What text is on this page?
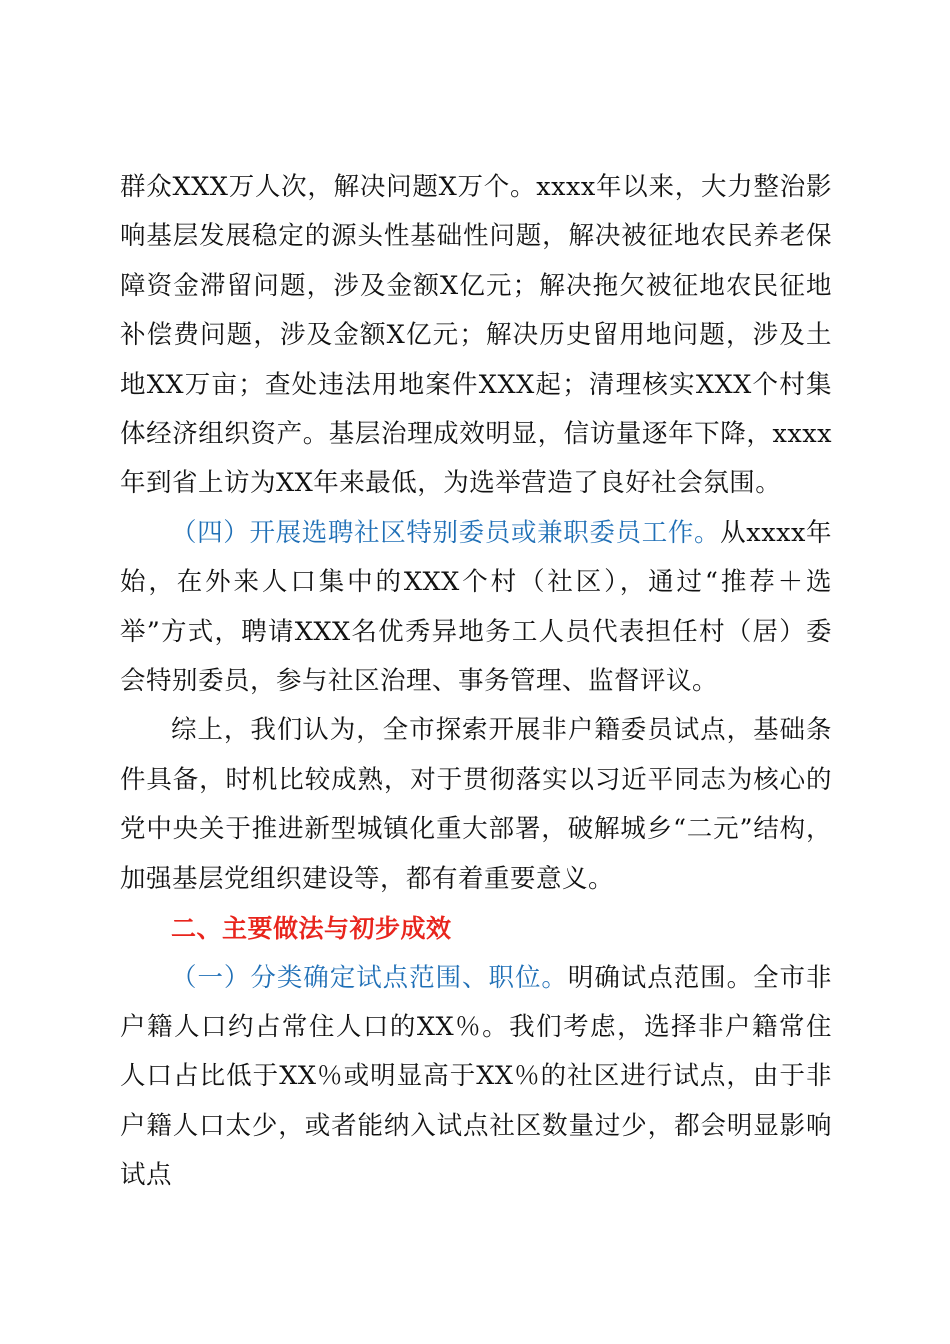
群众XXX万人次，解决问题X万个。xxxx年以来，大力整治影响基层发展稳定的源头性基础性问题，解决被征地农民养老保障资金滞留问题，涉及金额X亿元；解决拖欠被征地农民征地补偿费问题，涉及金额X亿元；解决历史留用地问题，涉及土地XX万亩；查处违法用地案件XXX起；清理核实XXX个村集体经济组织资产。基层治理成效明显，信访量逐年下降，xxxx年到省上访为XX年来最低，为选举营造了良好社会氛围。

（四）开展选聘社区特别委员或兼职委员工作。从xxxx年始，在外来人口集中的XXX个村（社区），通过“推荐＋选举”方式，聘请XXX名优秀异地务工人员代表担任村（居）委会特别委员，参与社区治理、事务管理、监督评议。

综上，我们认为，全市探索开展非户籍委员试点，基础条件具备，时机比较成熟，对于贯彻落实以习近平同志为核心的党中央关于推进新型城镇化重大部署，破解城乡“二元”结构，加强基层党组织建设等，都有着重要意义。

二、主要做法与初步成效

（一）分类确定试点范围、职位。明确试点范围。全市非户籍人口约占常住人口的XX％。我们考虑，选择非户籍常住人口占比低于XX％或明显高于XX％的社区进行试点，由于非户籍人口太少，或者能纳入试点社区数量过少，都会明显影响试点
